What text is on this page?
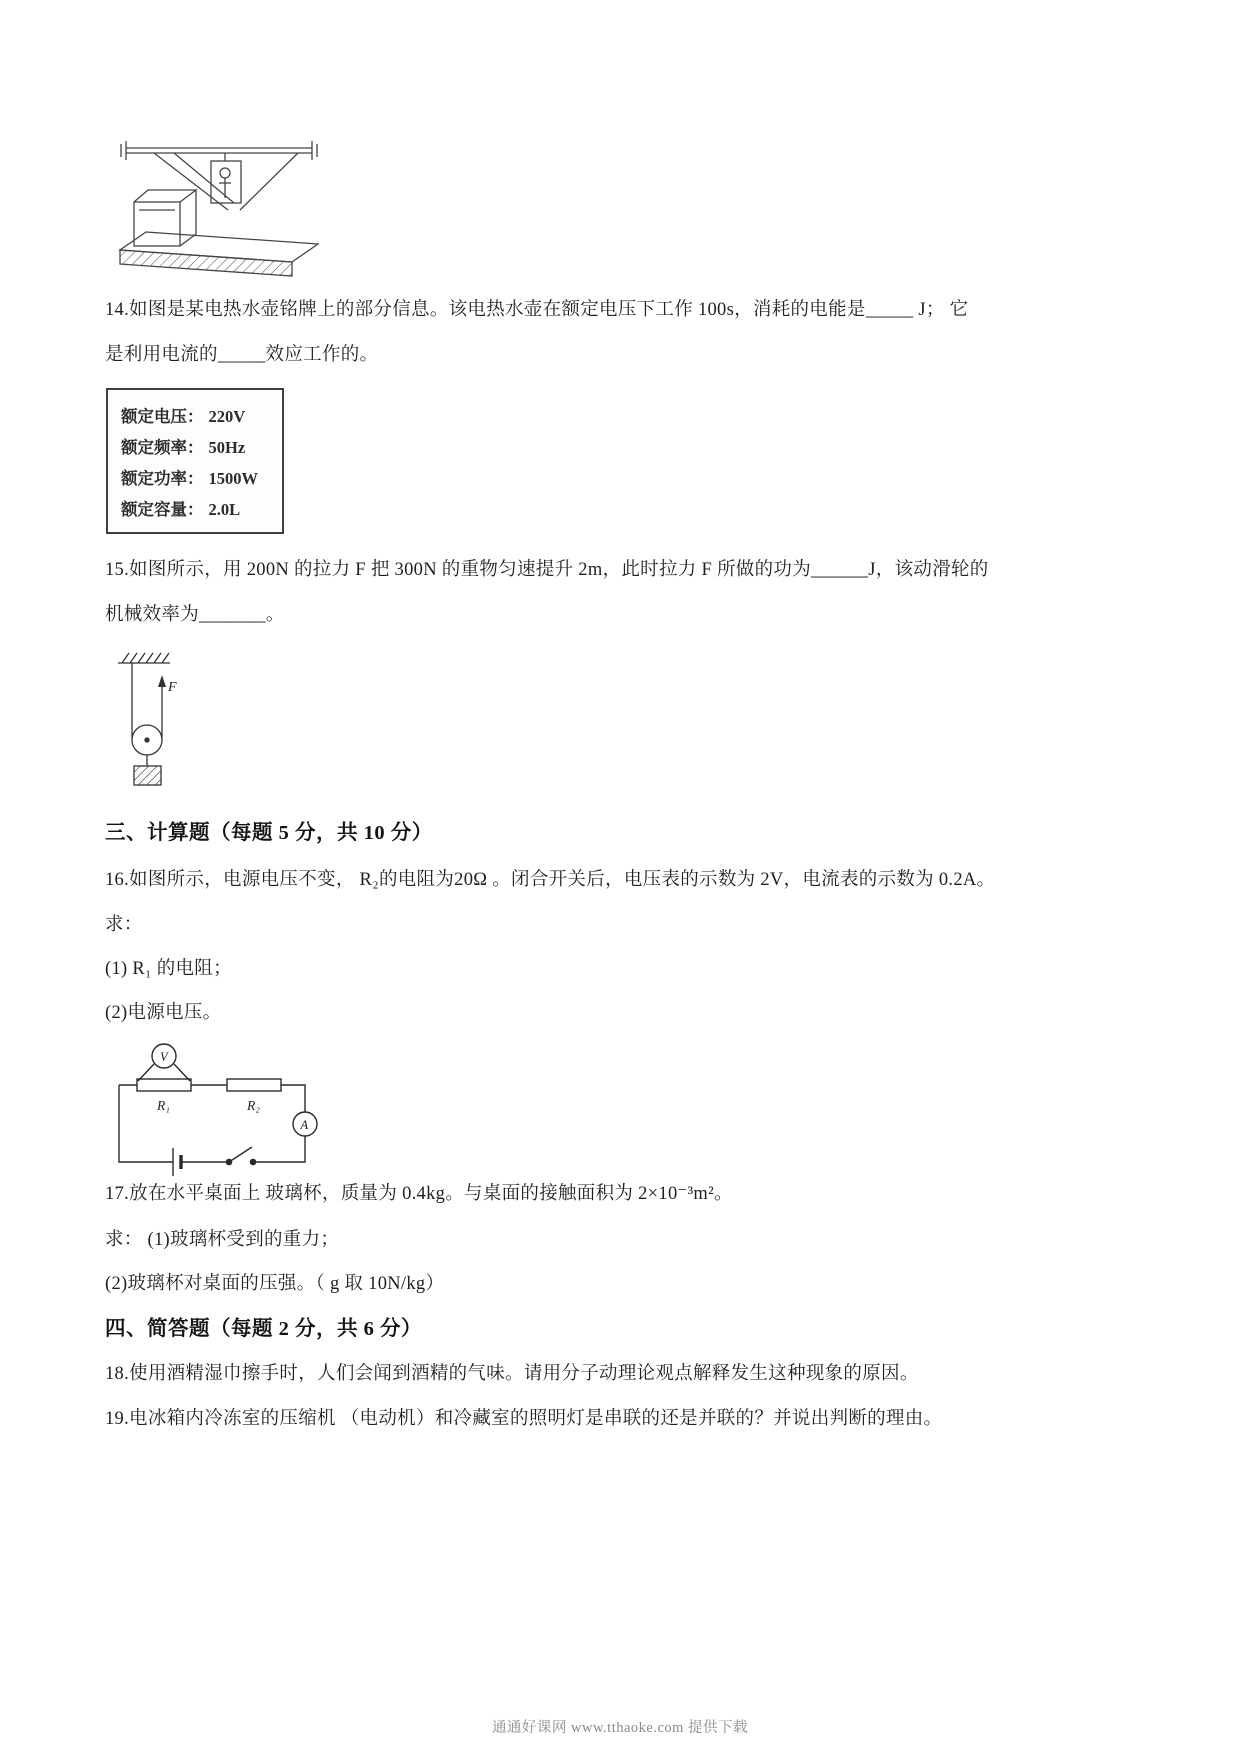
14.如图是某电热水壶铭牌上的部分信息。该电热水壶在额定电压下工作 100s，消耗的电能是_____ J； 它
是利用电流的_____效应工作的。
额定电压： 220V
额定频率： 50Hz
额定功率： 1500W
额定容量： 2.0L
15.如图所示，用 200N 的拉力 F 把 300N 的重物匀速提升 2m，此时拉力 F 所做的功为______J，该动滑轮的
机械效率为_______。
F
三、计算题（每题 5 分，共 10 分）
16.如图所示，电源电压不变， R₂的电阻为20Ω 。闭合开关后，电压表的示数为 2V，电流表的示数为 0.2A。
求：
(1) R₁ 的电阻；
(2)电源电压。
V
A
R₁	R₂
17.放在水平桌面上 玻璃杯，质量为 0.4kg。与桌面的接触面积为 2×10⁻³m²。
求： (1)玻璃杯受到的重力；
(2)玻璃杯对桌面的压强。（ g 取 10N/kg）
四、简答题（每题 2 分，共 6 分）
18.使用酒精湿巾擦手时，人们会闻到酒精的气味。请用分子动理论观点解释发生这种现象的原因。
19.电冰箱内冷冻室的压缩机 （电动机）和冷藏室的照明灯是串联的还是并联的？并说出判断的理由。
通通好课网 www.tthaoke.com 提供下载
